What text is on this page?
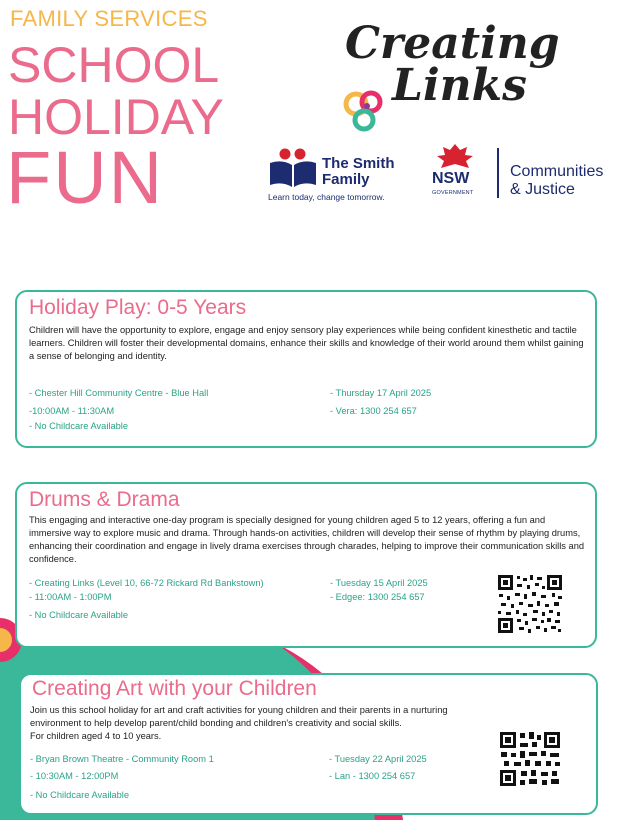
FAMILY SERVICES
SCHOOL
HOLIDAY
FUN
Creating
Links
The Smith Family
Learn today, change tomorrow.
NSW
GOVERNMENT
Communities
& Justice
Holiday Play: 0-5 Years
Children will have the opportunity to explore, engage and enjoy sensory play experiences while being confident kinesthetic and tactile learners. Children will foster their developmental domains, enhance their skills and knowledge of their world around them whilst gaining a sense of belonging and identity.
- Chester Hill Community Centre - Blue Hall
-10:00AM - 11:30AM
- No Childcare Available
- Thursday 17 April 2025
- Vera: 1300 254 657
Drums & Drama
This engaging and interactive one-day program is specially designed for young children aged 5 to 12 years, offering a fun and immersive way to explore music and drama. Through hands-on activities, children will develop their sense of rhythm by playing drums, enhancing their coordination and engage in lively drama exercises through charades, helping to improve their communication skills and confidence.
- Creating Links (Level 10, 66-72 Rickard Rd Bankstown)
- 11:00AM - 1:00PM
- No Childcare Available
- Tuesday 15 April 2025
- Edgee: 1300 254 657
Creating Art with your Children
Join us this school holiday for art and craft activities for young children and their parents in a nurturing
environment to help develop parent/child bonding and children's creativity and social skills.
For children aged 4 to 10 years.
- Bryan Brown Theatre - Community Room 1
- 10:30AM - 12:00PM
- No Childcare Available
- Tuesday 22 April 2025
- Lan - 1300 254 657
